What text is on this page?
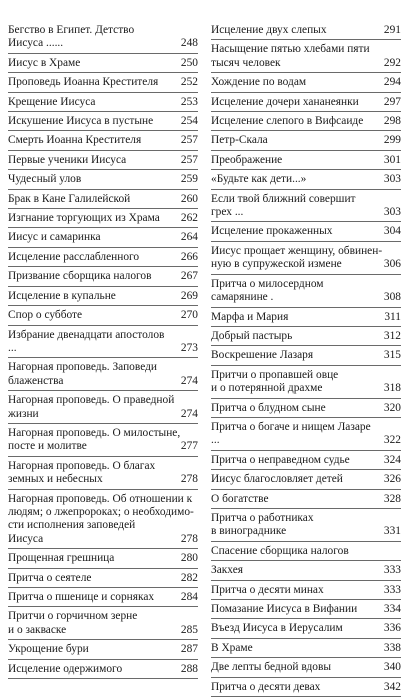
Бегство в Египет. Детство Иисуса ......	248
Иисус в Храме	250
Проповедь Иоанна Крестителя	252
Крещение Иисуса	253
Искушение Иисуса в пустыне	254
Смерть Иоанна Крестителя	257
Первые ученики Иисуса	257
Чудесный улов	259
Брак в Кане Галилейской	260
Изгнание торгующих из Храма	262
Иисус и самаринка	264
Исцеление расслабленного	266
Призвание сборщика налогов	267
Исцеление в купальне	269
Спор о субботе	270
Избрание двенадцати апостолов ...	273
Нагорная проповедь. Заповеди
блаженства	274
Нагорная проповедь. О праведной
жизни	274
Нагорная проповедь. О милостыне,
посте и молитве	277
Нагорная проповедь. О благах
земных и небесных	278
Нагорная проповедь. Об отношении к
людям; о лжепророках; о необходимо-
сти исполнения заповедей Иисуса	278
Прощенная грешница	280
Притча о сеятеле	282
Притча о пшенице и сорняках	284
Притчи о горчичном зерне
и о закваске	285
Укрощение бури	287
Исцеление одержимого	288
Исцеление двух слепых	291
Насыщение пятью хлебами пяти
тысяч человек	292
Хождение по водам	294
Исцеление дочери хананеянки	297
Исцеление слепого в Вифсаиде	298
Петр-Скала	299
Преображение	301
«Будьте как дети...»	303
Если твой ближний совершит грех ...	303
Исцеление прокаженных	304
Иисус прощает женщину, обвинен-
ную в супружеской измене	306
Притча о милосердном самарянине .	308
Марфа и Мария	311
Добрый пастырь	312
Воскрешение Лазаря	315
Притчи о пропавшей овце
и о потерянной драхме	318
Притча о блудном сыне	320
Притча о богаче и нищем Лазаре ...	322
Притча о неправедном судье	324
Иисус благословляет детей	326
О богатстве	328
Притча о работниках
в винограднике	331
Спасение сборщика налогов
Закхея	333
Притча о десяти минах	333
Помазание Иисуса в Вифании	334
Въезд Иисуса в Иерусалим	336
В Храме	338
Две лепты бедной вдовы	340
Притча о десяти девах	342
